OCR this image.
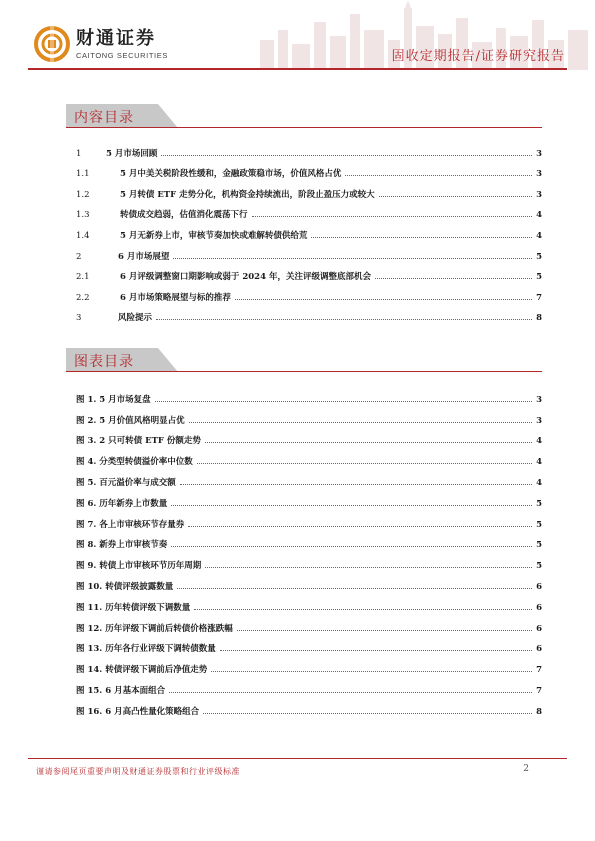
财通证券
CAITONG SECURITIES	固收定期报告/证券研究报告
内容目录
1	5 月市场回顾	3
1.1	5 月中美关税阶段性缓和，金融政策稳市场，价值风格占优	3
1.2	5 月转债 ETF 走势分化，机构资金持续流出，阶段止盈压力或较大	3
1.3	转债成交趋弱，估值消化震荡下行	4
1.4	5 月无新券上市，审核节奏加快或难解转债供给荒	4
2	6 月市场展望	5
2.1	6 月评级调整窗口期影响或弱于 2024 年，关注评级调整底部机会	5
2.2	6 月市场策略展望与标的推荐	7
3	风险提示	8
图表目录
图 1. 5 月市场复盘	3
图 2. 5 月价值风格明显占优	3
图 3. 2 只可转债 ETF 份额走势	4
图 4. 分类型转债溢价率中位数	4
图 5. 百元溢价率与成交额	4
图 6. 历年新券上市数量	5
图 7. 各上市审核环节存量券	5
图 8. 新券上市审核节奏	5
图 9. 转债上市审核环节历年周期	5
图 10. 转债评级披露数量	6
图 11. 历年转债评级下调数量	6
图 12. 历年评级下调前后转债价格涨跌幅	6
图 13. 历年各行业评级下调转债数量	6
图 14. 转债评级下调前后净值走势	7
图 15. 6 月基本面组合	7
图 16. 6 月高凸性量化策略组合	8
谨请参阅尾页重要声明及财通证券股票和行业评级标准	2
